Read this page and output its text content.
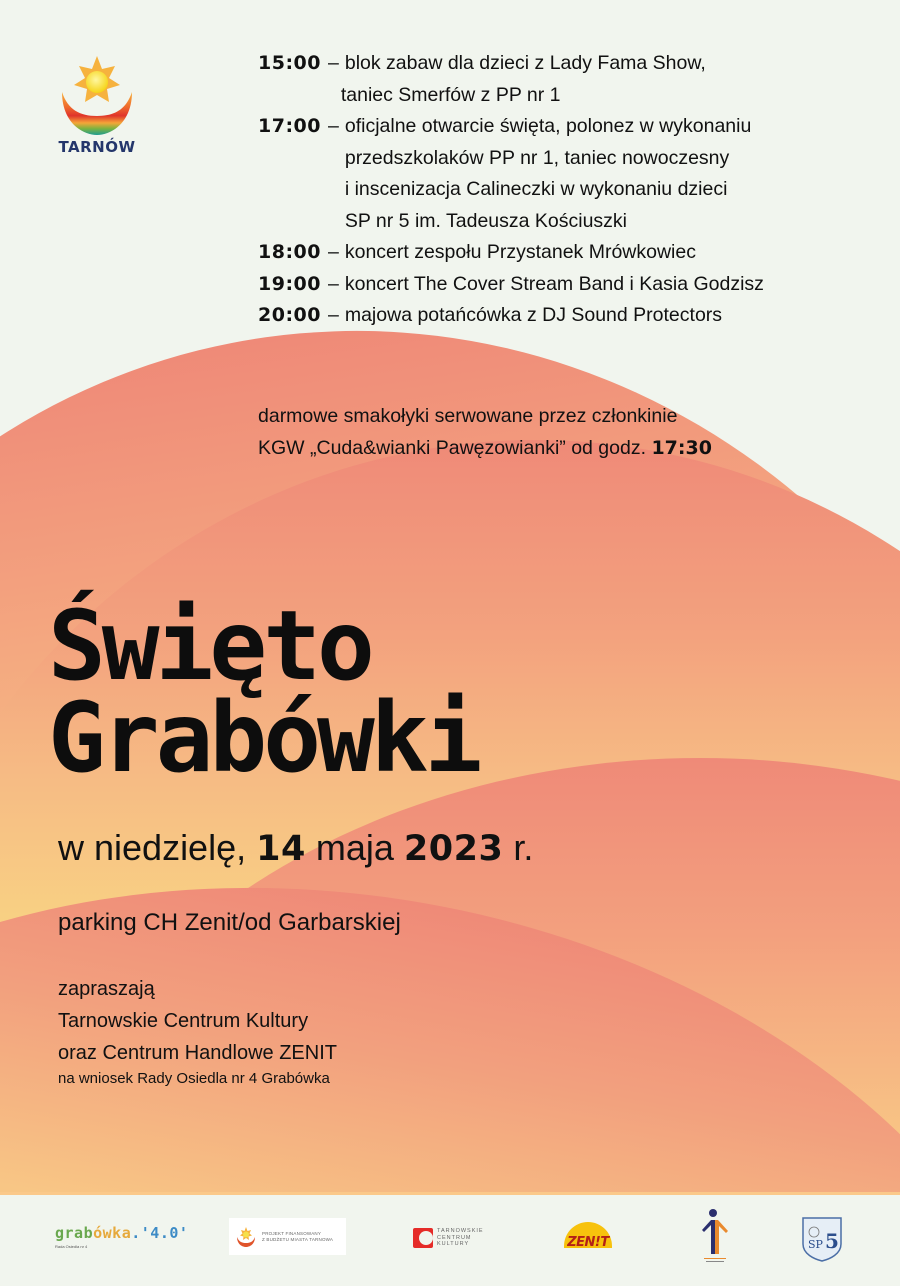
TARNÓW
15:00 – blok zabaw dla dzieci z Lady Fama Show,
taniec Smerfów z PP nr 1
17:00 – oficjalne otwarcie święta, polonez w wykonaniu
przedszkolaków PP nr 1, taniec nowoczesny
i inscenizacja Calineczki w wykonaniu dzieci
SP nr 5 im. Tadeusza Kościuszki
18:00 – koncert zespołu Przystanek Mrówkowiec
19:00 – koncert The Cover Stream Band i Kasia Godzisz
20:00 – majowa potańcówka z DJ Sound Protectors
darmowe smakołyki serwowane przez członkinie
KGW „Cuda&wianki Pawęzowianki” od godz. 17:30
Święto
Grabówki
w niedzielę, 14 maja 2023 r.
parking CH Zenit/od Garbarskiej
zapraszają
Tarnowskie Centrum Kultury
oraz Centrum Handlowe ZENIT
na wniosek Rady Osiedla nr 4 Grabówka
grabówka.'4.0'
Rada Osiedla nr 4
PROJEKT FINANSOWANY
Z BUDŻETU MIASTA TARNOWA
TARNOWSKIE
CENTRUM
KULTURY	ZEN!T	SP 5
